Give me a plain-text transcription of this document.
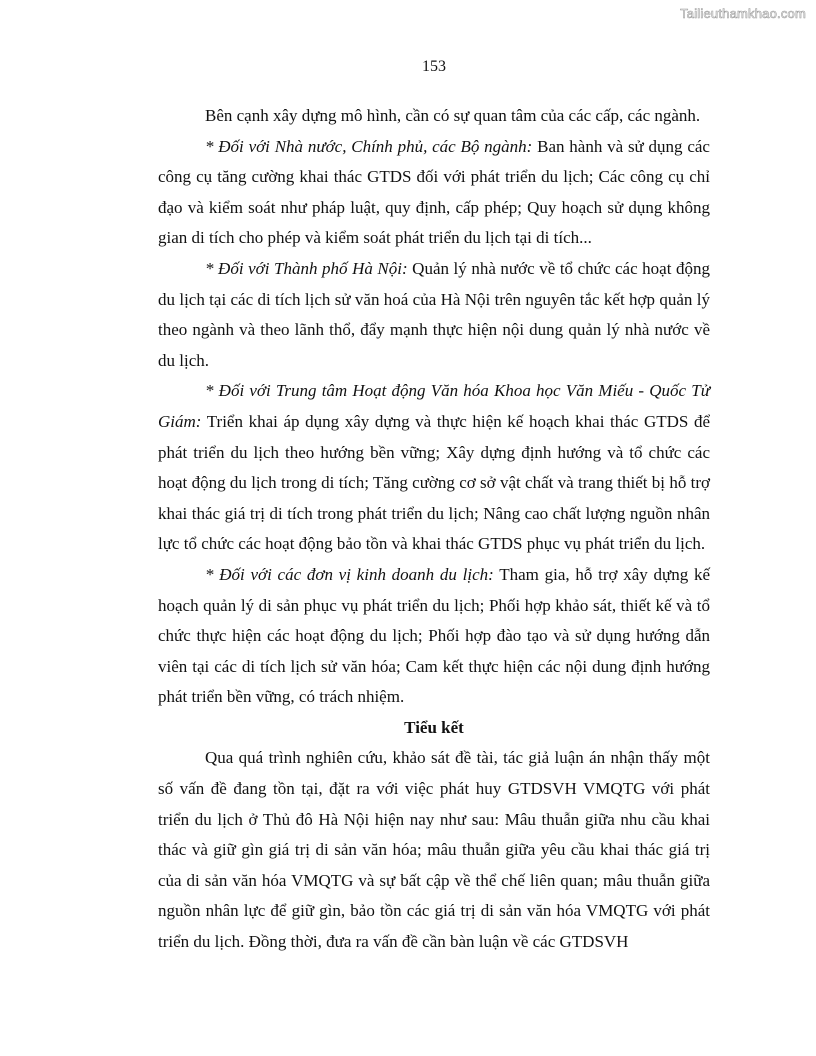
Tailieuthamkhao.com
153

Bên cạnh xây dựng mô hình, cần có sự quan tâm của các cấp, các ngành.

* Đối với Nhà nước, Chính phủ, các Bộ ngành: Ban hành và sử dụng các công cụ tăng cường khai thác GTDS đối với phát triển du lịch; Các công cụ chỉ đạo và kiểm soát như pháp luật, quy định, cấp phép; Quy hoạch sử dụng không gian di tích cho phép và kiểm soát phát triển du lịch tại di tích...

* Đối với Thành phố Hà Nội: Quản lý nhà nước về tổ chức các hoạt động du lịch tại các di tích lịch sử văn hoá của Hà Nội trên nguyên tắc kết hợp quản lý theo ngành và theo lãnh thổ, đẩy mạnh thực hiện nội dung quản lý nhà nước về du lịch.

* Đối với Trung tâm Hoạt động Văn hóa Khoa học Văn Miếu - Quốc Tử Giám: Triển khai áp dụng xây dựng và thực hiện kế hoạch khai thác GTDS để phát triển du lịch theo hướng bền vững; Xây dựng định hướng và tổ chức các hoạt động du lịch trong di tích; Tăng cường cơ sở vật chất và trang thiết bị hỗ trợ khai thác giá trị di tích trong phát triển du lịch; Nâng cao chất lượng nguồn nhân lực tổ chức các hoạt động bảo tồn và khai thác GTDS phục vụ phát triển du lịch.

* Đối với các đơn vị kinh doanh du lịch: Tham gia, hỗ trợ xây dựng kế hoạch quản lý di sản phục vụ phát triển du lịch; Phối hợp khảo sát, thiết kế và tổ chức thực hiện các hoạt động du lịch; Phối hợp đào tạo và sử dụng hướng dẫn viên tại các di tích lịch sử văn hóa; Cam kết thực hiện các nội dung định hướng phát triển bền vững, có trách nhiệm.

Tiểu kết

Qua quá trình nghiên cứu, khảo sát đề tài, tác giả luận án nhận thấy một số vấn đề đang tồn tại, đặt ra với việc phát huy GTDSVH VMQTG với phát triển du lịch ở Thủ đô Hà Nội hiện nay như sau: Mâu thuẫn giữa nhu cầu khai thác và giữ gìn giá trị di sản văn hóa; mâu thuẫn giữa yêu cầu khai thác giá trị của di sản văn hóa VMQTG và sự bất cập về thể chế liên quan; mâu thuẫn giữa nguồn nhân lực để giữ gìn, bảo tồn các giá trị di sản văn hóa VMQTG với phát triển du lịch. Đồng thời, đưa ra vấn đề cần bàn luận về các GTDSVH
